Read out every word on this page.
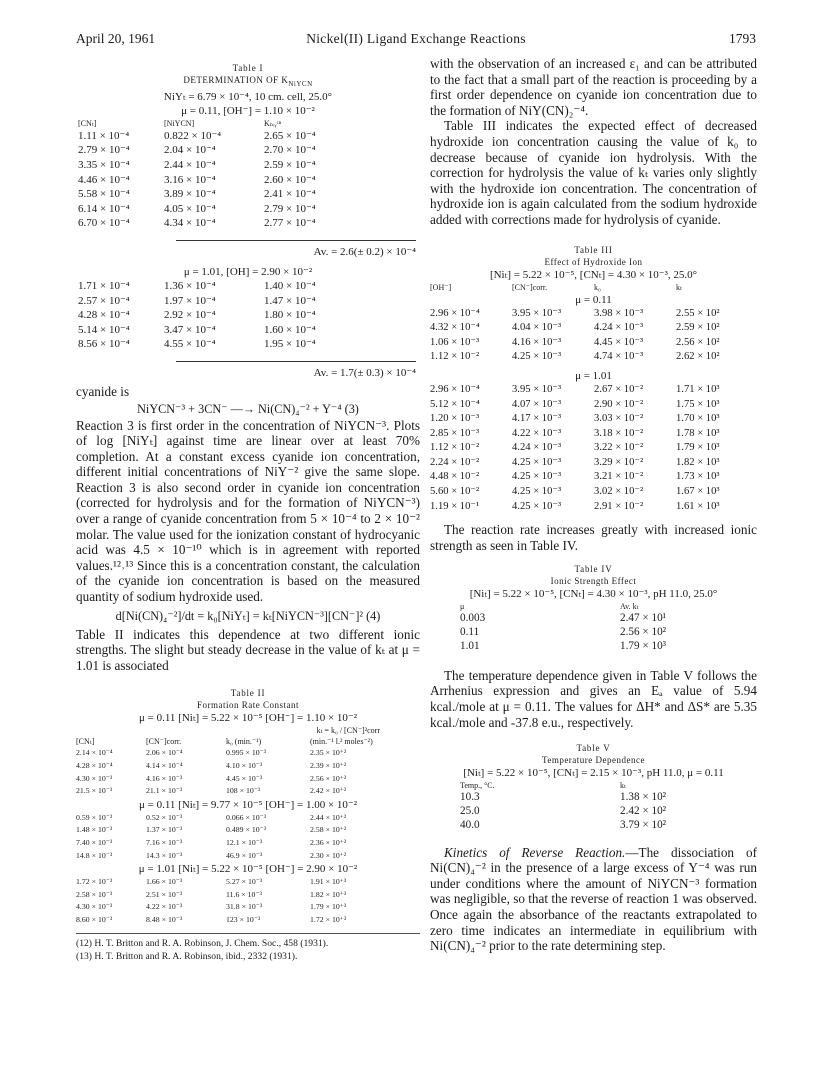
April 20, 1961	Nickel(II) Ligand Exchange Reactions	1793
Table I
DETERMINATION OF $K_{NiYCN}$
NiYₜ = 6.79 × 10⁻⁴, 10 cm. cell, 25.0°
μ = 0.11, [OH⁻] = 1.10 × 10⁻²
[CNₜ]	[NiYCN]	Kₙᵢᵧᶜⁿ
1.11 × 10⁻⁴	0.822 × 10⁻⁴	2.65 × 10⁻⁴
2.79 × 10⁻⁴	2.04 × 10⁻⁴	2.70 × 10⁻⁴
3.35 × 10⁻⁴	2.44 × 10⁻⁴	2.59 × 10⁻⁴
4.46 × 10⁻⁴	3.16 × 10⁻⁴	2.60 × 10⁻⁴
5.58 × 10⁻⁴	3.89 × 10⁻⁴	2.41 × 10⁻⁴
6.14 × 10⁻⁴	4.05 × 10⁻⁴	2.79 × 10⁻⁴
6.70 × 10⁻⁴	4.34 × 10⁻⁴	2.77 × 10⁻⁴

Av. = 2.6(± 0.2) × 10⁻⁴
μ = 1.01, [OH] = 2.90 × 10⁻²
1.71 × 10⁻⁴	1.36 × 10⁻⁴	1.40 × 10⁻⁴
2.57 × 10⁻⁴	1.97 × 10⁻⁴	1.47 × 10⁻⁴
4.28 × 10⁻⁴	2.92 × 10⁻⁴	1.80 × 10⁻⁴
5.14 × 10⁻⁴	3.47 × 10⁻⁴	1.60 × 10⁻⁴
8.56 × 10⁻⁴	4.55 × 10⁻⁴	1.95 × 10⁻⁴

Av. = 1.7(± 0.3) × 10⁻⁴

cyanide is

NiYCN⁻³ + 3CN⁻ —→ Ni(CN)₄⁻² + Y⁻⁴ (3)

Reaction 3 is first order in the concentration of NiYCN⁻³. Plots of log [NiYₜ] against time are linear over at least 70% completion. At a constant excess cyanide ion concentration, different initial concentrations of NiY⁻² give the same slope. Reaction 3 is also second order in cyanide ion concentration (corrected for hydrolysis and for the formation of NiYCN⁻³) over a range of cyanide concentration from 5 × 10⁻⁴ to 2 × 10⁻² molar. The value used for the ionization constant of hydrocyanic acid was 4.5 × 10⁻¹⁰ which is in agreement with reported values.¹²˒¹³ Since this is a concentration constant, the calculation of the cyanide ion concentration is based on the measured quantity of sodium hydroxide used.

d[Ni(CN)₄⁻²]/dt = k₀[NiYₜ] = kₜ[NiYCN⁻³][CN⁻]² (4)

Table II indicates this dependence at two different ionic strengths. The slight but steady decrease in the value of kₜ at μ = 1.01 is associated

Table II
Formation Rate Constant
μ = 0.11 [Niₜ] = 5.22 × 10⁻⁵ [OH⁻] = 1.10 × 10⁻²
kₜ = k₀ / [CN⁻]²corr
[CNₜ]	[CN⁻]corr.	k₀ (min.⁻¹)	(min.⁻¹ l.² moles⁻²)
2.14 × 10⁻⁴	2.06 × 10⁻⁴	0.995 × 10⁻³	2.35 × 10⁺²
4.28 × 10⁻⁴	4.14 × 10⁻⁴	4.10 × 10⁻³	2.39 × 10⁺²
4.30 × 10⁻³	4.16 × 10⁻³	4.45 × 10⁻³	2.56 × 10⁺²
21.5 × 10⁻³	21.1 × 10⁻³	108 × 10⁻³	2.42 × 10⁺²
μ = 0.11 [Niₜ] = 9.77 × 10⁻⁵ [OH⁻] = 1.00 × 10⁻²
0.59 × 10⁻³	0.52 × 10⁻³	0.066 × 10⁻³	2.44 × 10⁺²
1.48 × 10⁻³	1.37 × 10⁻³	0.489 × 10⁻³	2.58 × 10⁺²
7.40 × 10⁻³	7.16 × 10⁻³	12.1 × 10⁻³	2.36 × 10⁺²
14.8 × 10⁻³	14.3 × 10⁻³	46.9 × 10⁻³	2.30 × 10⁺²
μ = 1.01 [Niₜ] = 5.22 × 10⁻⁵ [OH⁻] = 2.90 × 10⁻²
1.72 × 10⁻³	1.66 × 10⁻³	5.27 × 10⁻³	1.91 × 10⁺³
2.58 × 10⁻³	2.51 × 10⁻³	11.6 × 10⁻³	1.82 × 10⁺³
4.30 × 10⁻³	4.22 × 10⁻³	31.8 × 10⁻³	1.79 × 10⁺³
8.60 × 10⁻³	8.48 × 10⁻³	123 × 10⁻³	1.72 × 10⁺³

(12) H. T. Britton and R. A. Robinson, J. Chem. Soc., 458 (1931).

(13) H. T. Britton and R. A. Robinson, ibid., 2332 (1931).

with the observation of an increased ε₁ and can be attributed to the fact that a small part of the reaction is proceeding by a first order dependence on cyanide ion concentration due to the formation of NiY(CN)₂⁻⁴.

Table III indicates the expected effect of decreased hydroxide ion concentration causing the value of k₀ to decrease because of cyanide ion hydrolysis. With the correction for hydrolysis the value of kₜ varies only slightly with the hydroxide ion concentration. The concentration of hydroxide ion is again calculated from the sodium hydroxide added with corrections made for hydrolysis of cyanide.

Table III
Effect of Hydroxide Ion
[Niₜ] = 5.22 × 10⁻⁵, [CNₜ] = 4.30 × 10⁻³, 25.0°
[OH⁻]	[CN⁻]corr.	k₀	kₜ
μ = 0.11
2.96 × 10⁻⁴	3.95 × 10⁻³	3.98 × 10⁻³	2.55 × 10²
4.32 × 10⁻⁴	4.04 × 10⁻³	4.24 × 10⁻³	2.59 × 10²
1.06 × 10⁻³	4.16 × 10⁻³	4.45 × 10⁻³	2.56 × 10²
1.12 × 10⁻²	4.25 × 10⁻³	4.74 × 10⁻³	2.62 × 10²
μ = 1.01
2.96 × 10⁻⁴	3.95 × 10⁻³	2.67 × 10⁻²	1.71 × 10³
5.12 × 10⁻⁴	4.07 × 10⁻³	2.90 × 10⁻²	1.75 × 10³
1.20 × 10⁻³	4.17 × 10⁻³	3.03 × 10⁻²	1.70 × 10³
2.85 × 10⁻³	4.22 × 10⁻³	3.18 × 10⁻²	1.78 × 10³
1.12 × 10⁻²	4.24 × 10⁻³	3.22 × 10⁻²	1.79 × 10³
2.24 × 10⁻²	4.25 × 10⁻³	3.29 × 10⁻²	1.82 × 10³
4.48 × 10⁻²	4.25 × 10⁻³	3.21 × 10⁻²	1.73 × 10³
5.60 × 10⁻²	4.25 × 10⁻³	3.02 × 10⁻²	1.67 × 10³
1.19 × 10⁻¹	4.25 × 10⁻³	2.91 × 10⁻²	1.61 × 10³

The reaction rate increases greatly with increased ionic strength as seen in Table IV.

Table IV
Ionic Strength Effect
[Niₜ] = 5.22 × 10⁻⁵, [CNₜ] = 4.30 × 10⁻³, pH 11.0, 25.0°
μ	Av. kₜ
0.003	2.47 × 10¹
0.11	2.56 × 10²
1.01	1.79 × 10³

The temperature dependence given in Table V follows the Arrhenius expression and gives an Eₐ value of 5.94 kcal./mole at μ = 0.11. The values for ΔH* and ΔS* are 5.35 kcal./mole and -37.8 e.u., respectively.

Table V
Temperature Dependence
[Niₜ] = 5.22 × 10⁻⁵, [CNₜ] = 2.15 × 10⁻³, pH 11.0, μ = 0.11
Temp., °C.	kₜ
10.3	1.38 × 10²
25.0	2.42 × 10²
40.0	3.79 × 10²

Kinetics of Reverse Reaction.—The dissociation of Ni(CN)₄⁻² in the presence of a large excess of Y⁻⁴ was run under conditions where the amount of NiYCN⁻³ formation was negligible, so that the reverse of reaction 1 was observed. Once again the absorbance of the reactants extrapolated to zero time indicates an intermediate in equilibrium with Ni(CN)₄⁻² prior to the rate determining step.
